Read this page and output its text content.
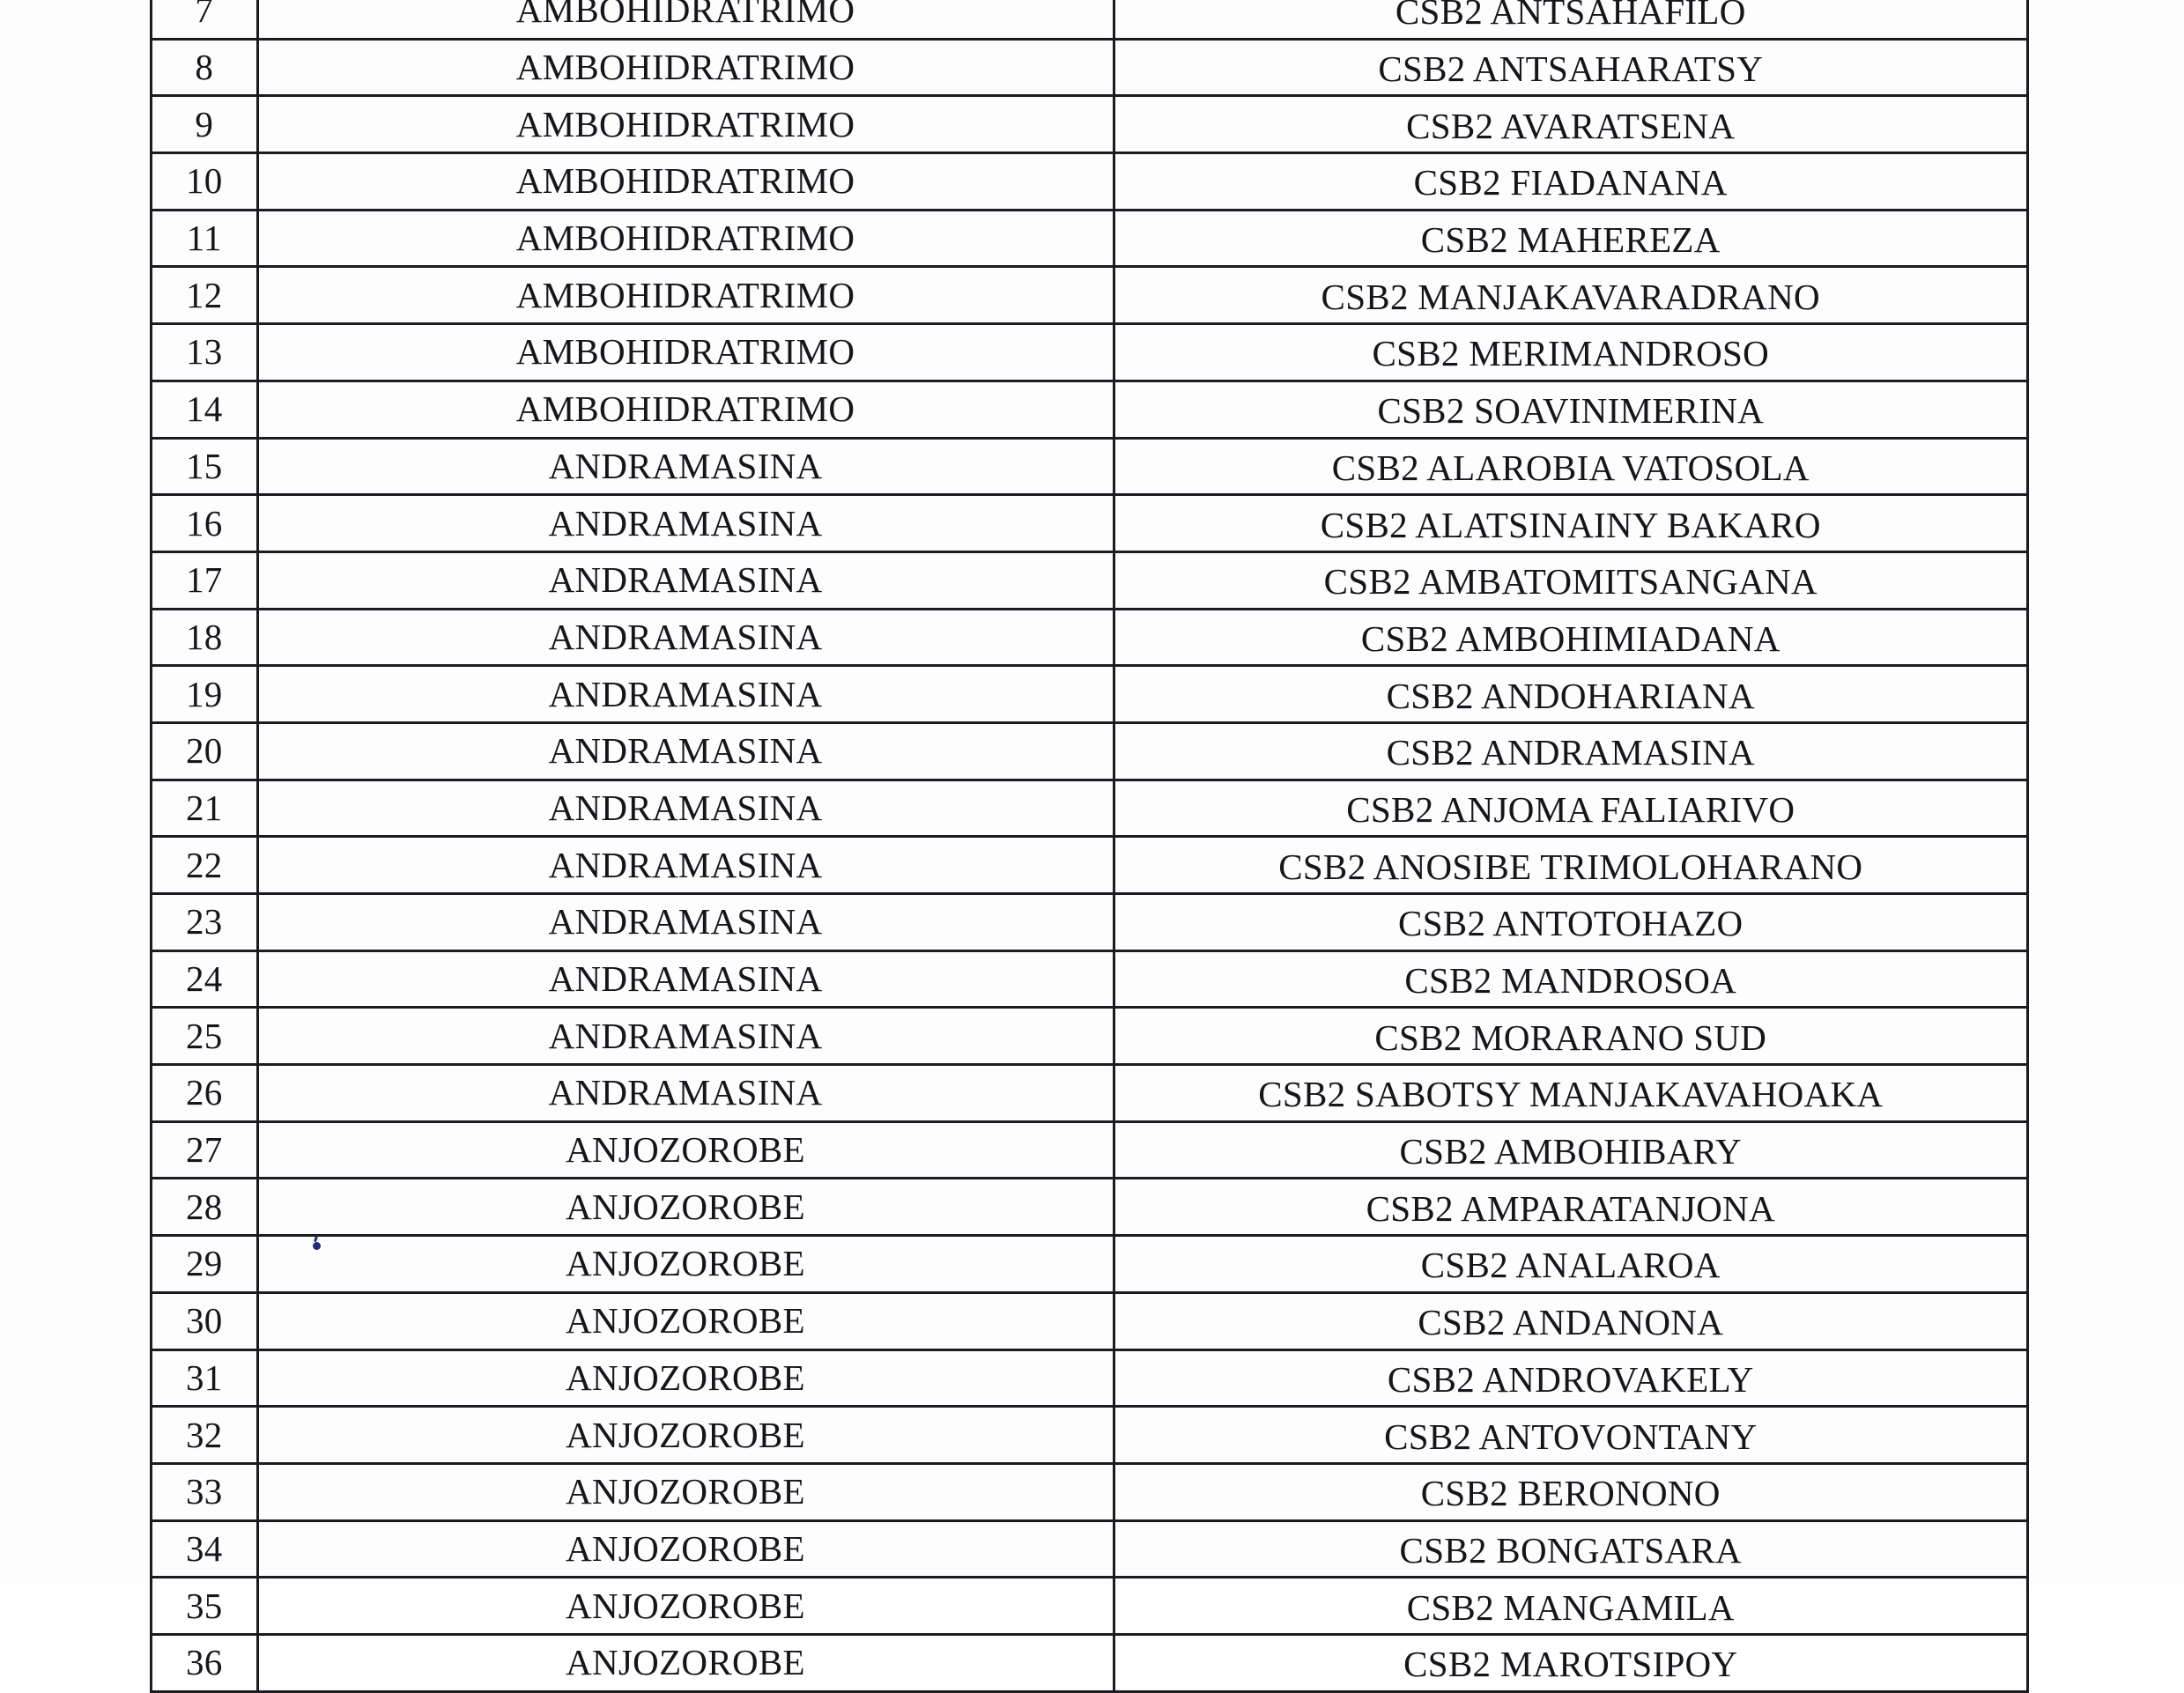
7	AMBOHIDRATRIMO	CSB2 ANTSAHAFILO
8	AMBOHIDRATRIMO	CSB2 ANTSAHARATSY
9	AMBOHIDRATRIMO	CSB2 AVARATSENA
10	AMBOHIDRATRIMO	CSB2 FIADANANA
11	AMBOHIDRATRIMO	CSB2 MAHEREZA
12	AMBOHIDRATRIMO	CSB2 MANJAKAVARADRANO
13	AMBOHIDRATRIMO	CSB2 MERIMANDROSO
14	AMBOHIDRATRIMO	CSB2 SOAVINIMERINA
15	ANDRAMASINA	CSB2 ALAROBIA VATOSOLA
16	ANDRAMASINA	CSB2 ALATSINAINY BAKARO
17	ANDRAMASINA	CSB2 AMBATOMITSANGANA
18	ANDRAMASINA	CSB2 AMBOHIMIADANA
19	ANDRAMASINA	CSB2 ANDOHARIANA
20	ANDRAMASINA	CSB2 ANDRAMASINA
21	ANDRAMASINA	CSB2 ANJOMA FALIARIVO
22	ANDRAMASINA	CSB2 ANOSIBE TRIMOLOHARANO
23	ANDRAMASINA	CSB2 ANTOTOHAZO
24	ANDRAMASINA	CSB2 MANDROSOA
25	ANDRAMASINA	CSB2 MORARANO SUD
26	ANDRAMASINA	CSB2 SABOTSY MANJAKAVAHOAKA
27	ANJOZOROBE	CSB2 AMBOHIBARY
28	ANJOZOROBE	CSB2 AMPARATANJONA
29	ANJOZOROBE	CSB2 ANALAROA
30	ANJOZOROBE	CSB2 ANDANONA
31	ANJOZOROBE	CSB2 ANDROVAKELY
32	ANJOZOROBE	CSB2 ANTOVONTANY
33	ANJOZOROBE	CSB2 BERONONO
34	ANJOZOROBE	CSB2 BONGATSARA
35	ANJOZOROBE	CSB2 MANGAMILA
36	ANJOZOROBE	CSB2 MAROTSIPOY
